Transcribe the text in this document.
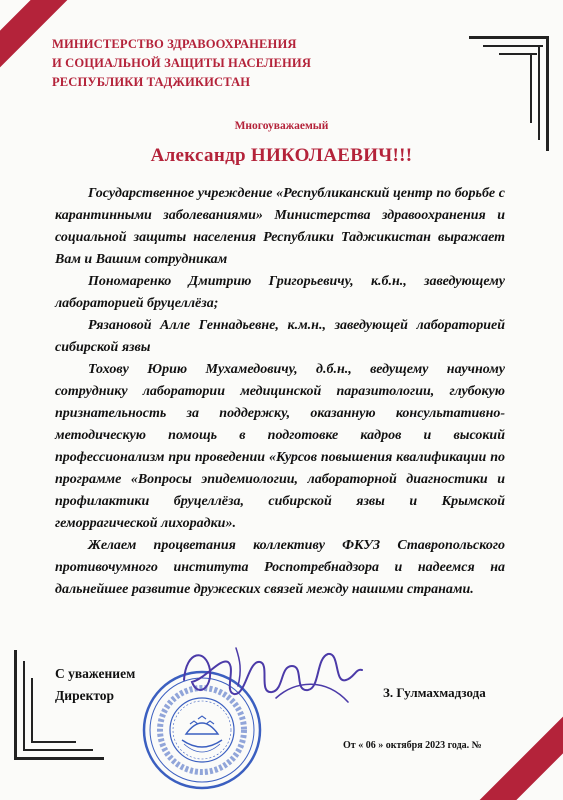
МИНИСТЕРСТВО ЗДРАВООХРАНЕНИЯ
И СОЦИАЛЬНОЙ ЗАЩИТЫ НАСЕЛЕНИЯ
РЕСПУБЛИКИ ТАДЖИКИСТАН
Многоуважаемый
Александр НИКОЛАЕВИЧ!!!

Государственное учреждение «Республиканский центр по борьбе с карантинными заболеваниями» Министерства здравоохранения и социальной защиты населения Республики Таджикистан выражает Вам и Вашим сотрудникам

Пономаренко Дмитрию Григорьевичу, к.б.н., заведующему лабораторией бруцеллёза;

Рязановой Алле Геннадьевне, к.м.н., заведующей лабораторией сибирской язвы

Тохову Юрию Мухамедовичу, д.б.н., ведущему научному сотруднику лаборатории медицинской паразитологии, глубокую признательность за поддержку, оказанную консультативно-методическую помощь в подготовке кадров и высокий профессионализм при проведении «Курсов повышения квалификации по программе «Вопросы эпидемиологии, лабораторной диагностики и профилактики бруцеллёза, сибирской язвы и Крымской геморрагической лихорадки».

Желаем процветания коллективу ФКУЗ Ставропольского противочумного института Роспотребнадзора и надеемся на дальнейшее развитие дружеских связей между нашими странами.

С уважением
Директор	З. Гулмахмадзода
От « 06 » октября 2023 года. №
